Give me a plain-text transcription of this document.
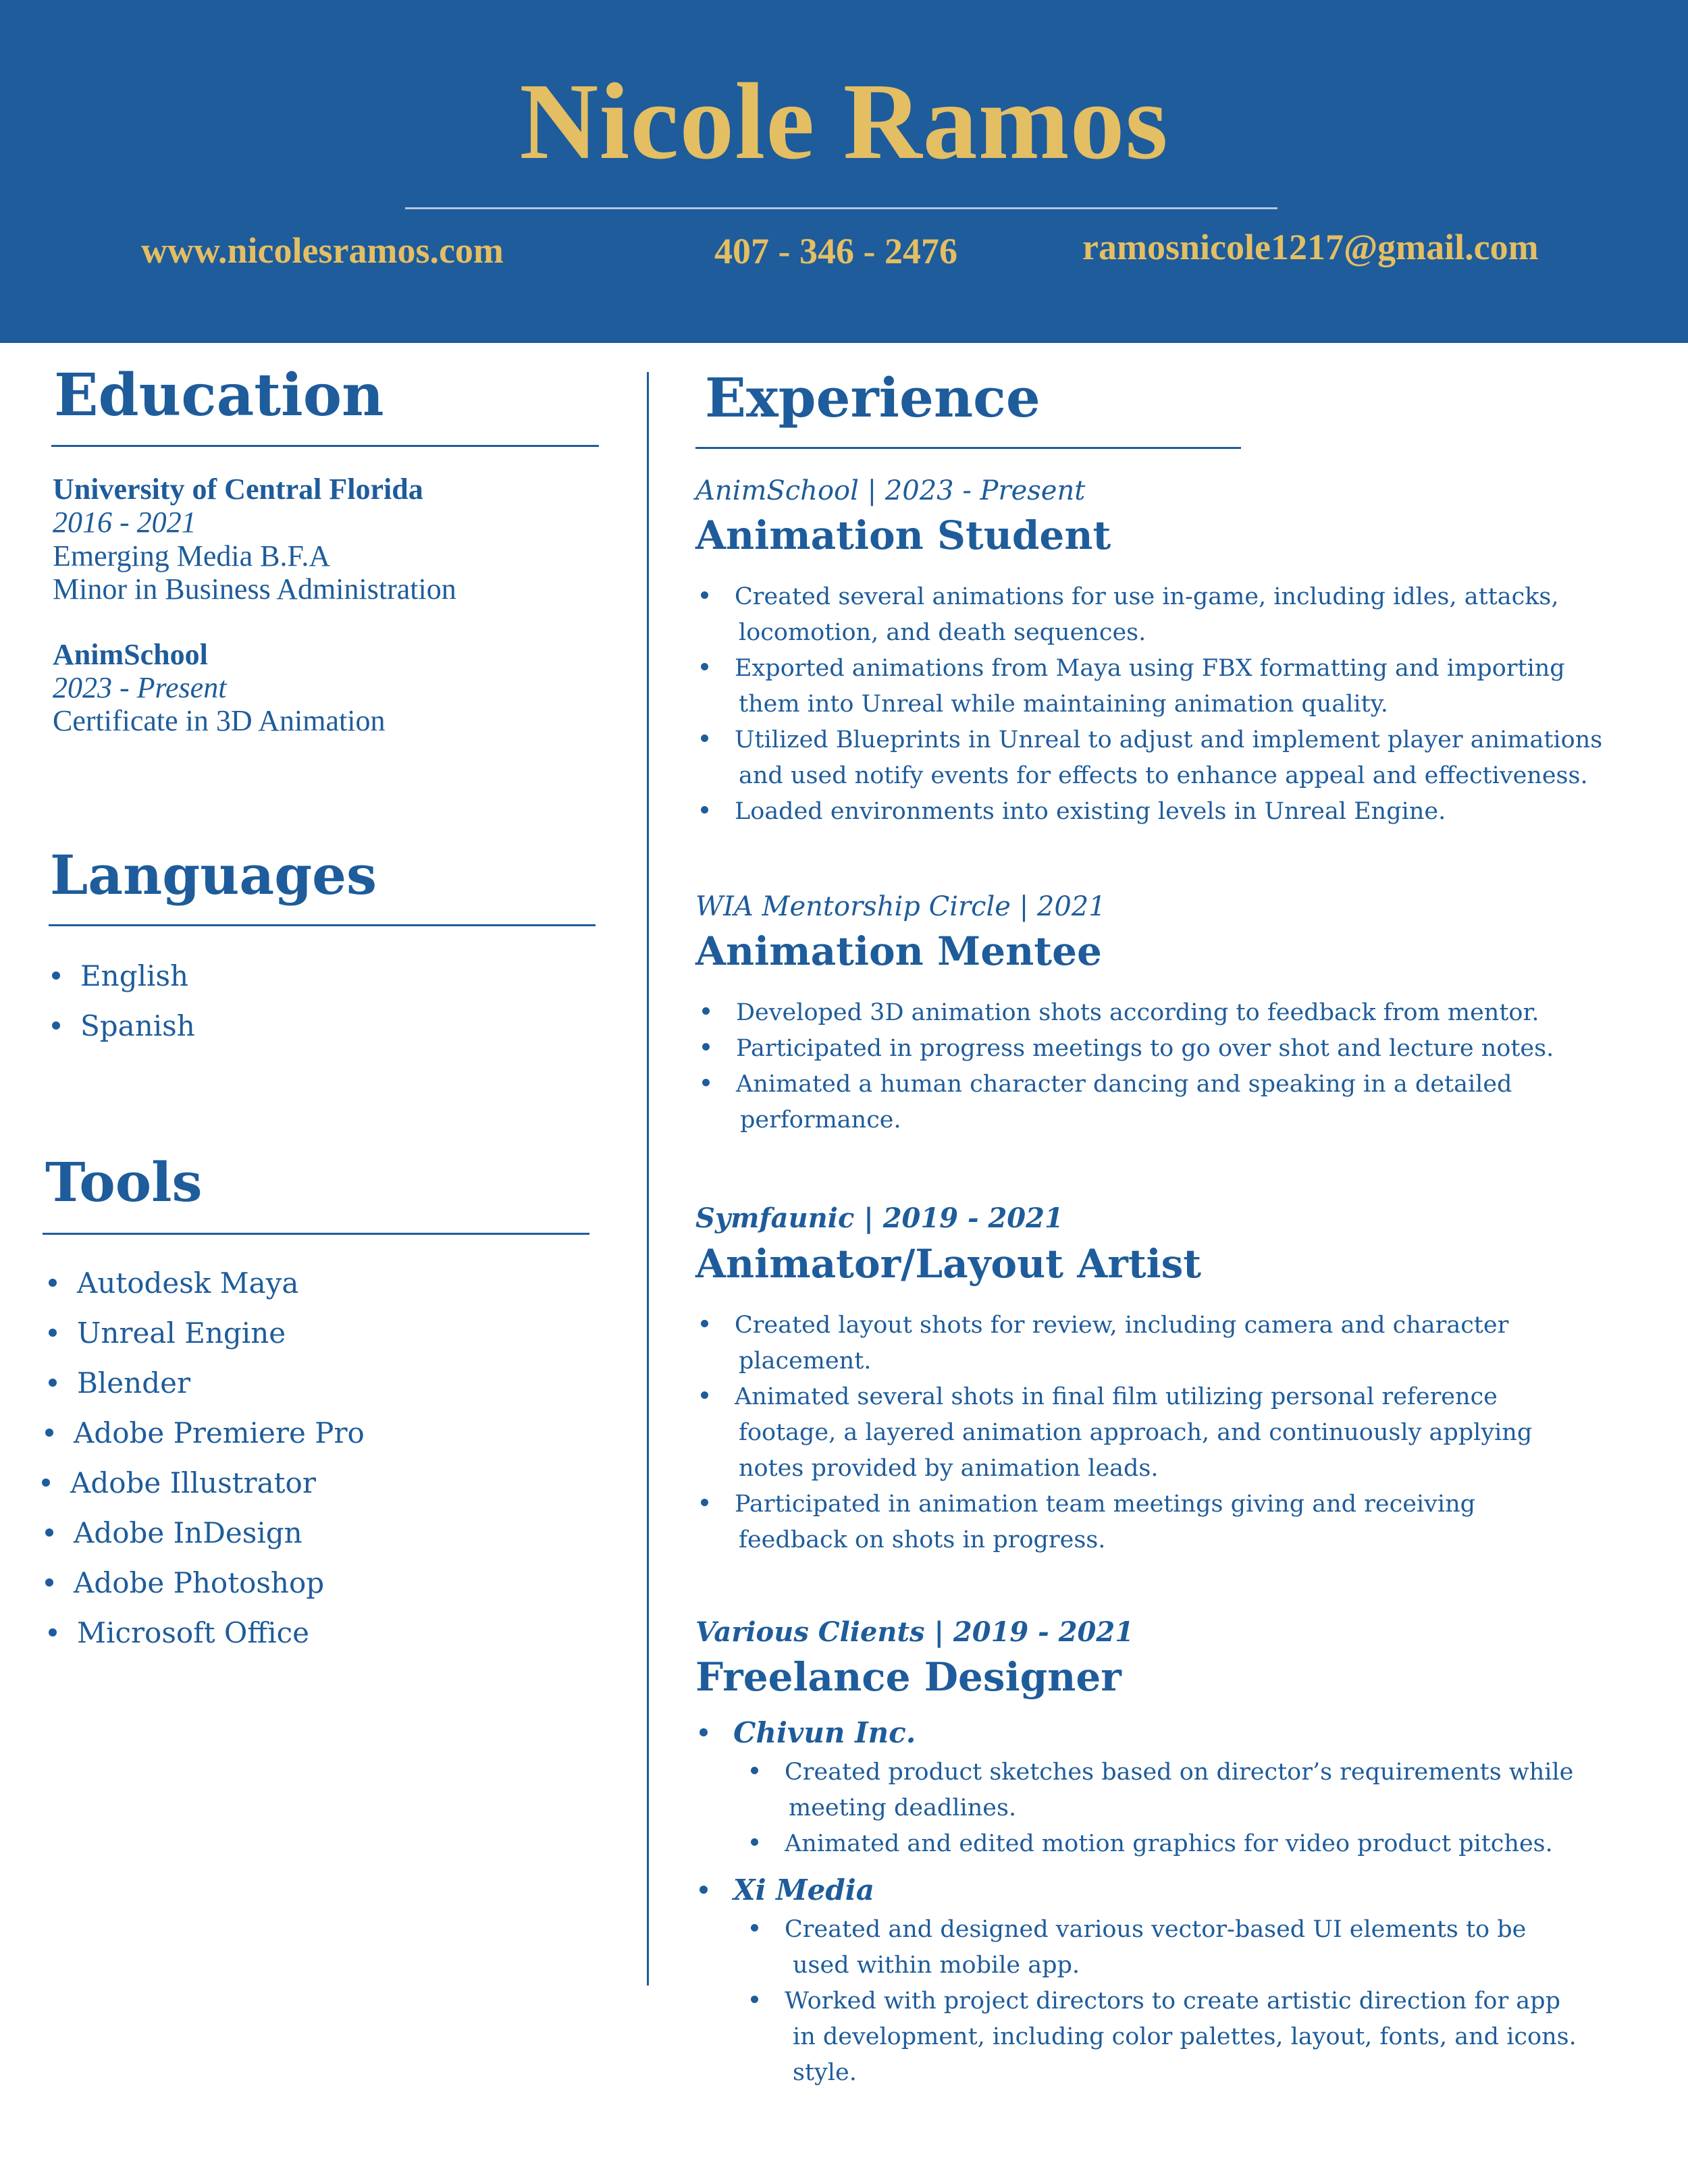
Nicole Ramos
www.nicolesramos.com	407 - 346 - 2476	ramosnicole1217@gmail.com
Education
University of Central Florida
2016 - 2021
Emerging Media B.F.A
Minor in Business Administration
AnimSchool
2023 - Present
Certificate in 3D Animation
Languages
English
Spanish
Tools
Autodesk Maya
Unreal Engine
Blender
Adobe Premiere Pro
Adobe Illustrator
Adobe InDesign
Adobe Photoshop
Microsoft Office
Experience
AnimSchool | 2023 - Present
Animation Student
Created several animations for use in-game, including idles, attacks,
locomotion, and death sequences.
Exported animations from Maya using FBX formatting and importing
them into Unreal while maintaining animation quality.
Utilized Blueprints in Unreal to adjust and implement player animations
and used notify events for effects to enhance appeal and effectiveness.
Loaded environments into existing levels in Unreal Engine.
WIA Mentorship Circle | 2021
Animation Mentee
Developed 3D animation shots according to feedback from mentor.
Participated in progress meetings to go over shot and lecture notes.
Animated a human character dancing and speaking in a detailed
performance.
Symfaunic | 2019 - 2021
Animator/Layout Artist
Created layout shots for review, including camera and character
placement.
Animated several shots in final film utilizing personal reference
footage, a layered animation approach, and continuously applying
notes provided by animation leads.
Participated in animation team meetings giving and receiving
feedback on shots in progress.
Various Clients | 2019 - 2021
Freelance Designer
Chivun Inc.
Created product sketches based on director’s requirements while
meeting deadlines.
Animated and edited motion graphics for video product pitches.
Xi Media
Created and designed various vector-based UI elements to be
used within mobile app.
Worked with project directors to create artistic direction for app
in development, including color palettes, layout, fonts, and icons.
style.
